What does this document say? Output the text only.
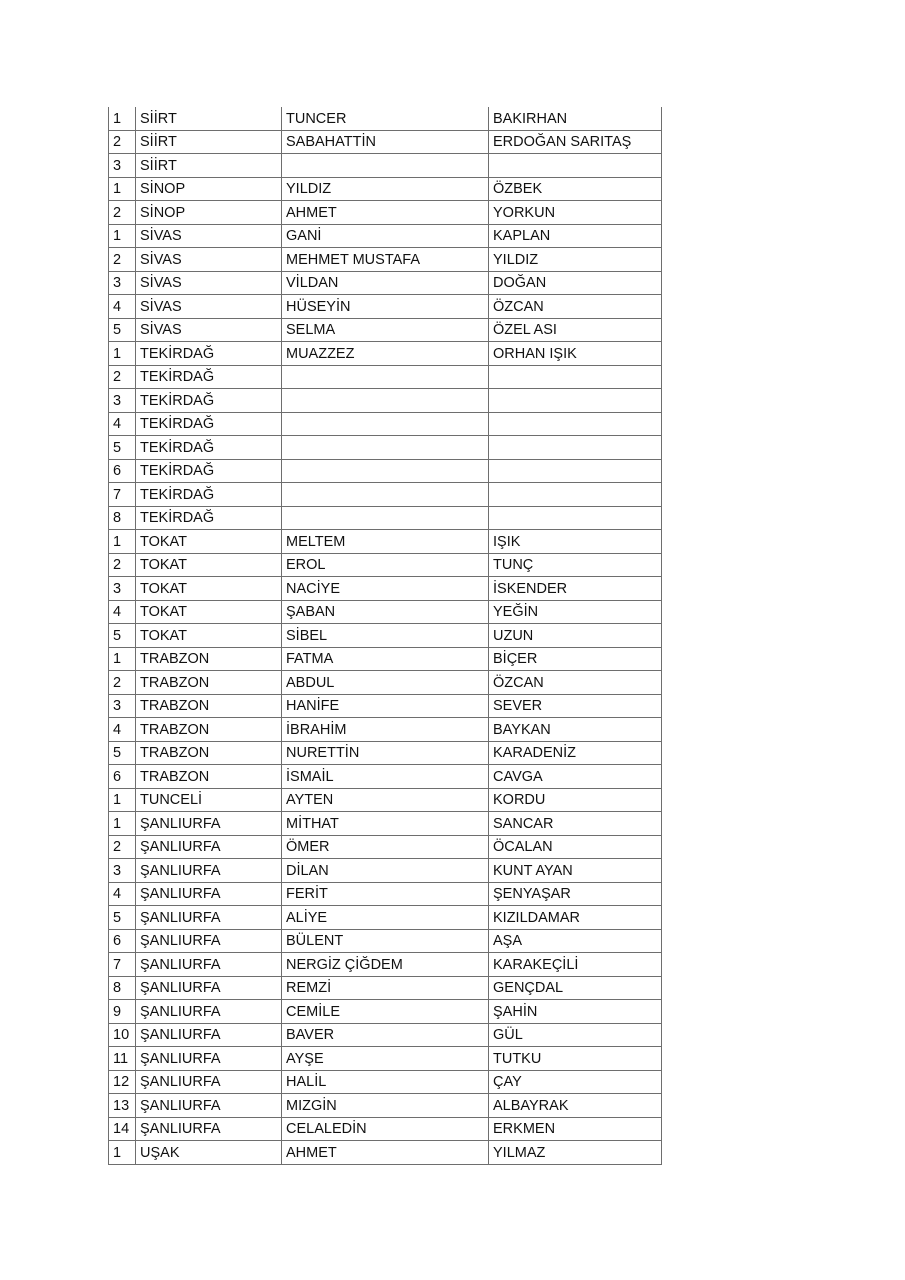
1	SİİRT	TUNCER	BAKIRHAN
2	SİİRT	SABAHATTİN	ERDOĞAN SARITAŞ
3	SİİRT		
1	SİNOP	YILDIZ	ÖZBEK
2	SİNOP	AHMET	YORKUN
1	SİVAS	GANİ	KAPLAN
2	SİVAS	MEHMET MUSTAFA	YILDIZ
3	SİVAS	VİLDAN	DOĞAN
4	SİVAS	HÜSEYİN	ÖZCAN
5	SİVAS	SELMA	ÖZEL ASI
1	TEKİRDAĞ	MUAZZEZ	ORHAN IŞIK
2	TEKİRDAĞ		
3	TEKİRDAĞ		
4	TEKİRDAĞ		
5	TEKİRDAĞ		
6	TEKİRDAĞ		
7	TEKİRDAĞ		
8	TEKİRDAĞ		
1	TOKAT	MELTEM	IŞIK
2	TOKAT	EROL	TUNÇ
3	TOKAT	NACİYE	İSKENDER
4	TOKAT	ŞABAN	YEĞİN
5	TOKAT	SİBEL	UZUN
1	TRABZON	FATMA	BİÇER
2	TRABZON	ABDUL	ÖZCAN
3	TRABZON	HANİFE	SEVER
4	TRABZON	İBRAHİM	BAYKAN
5	TRABZON	NURETTİN	KARADENİZ
6	TRABZON	İSMAİL	CAVGA
1	TUNCELİ	AYTEN	KORDU
1	ŞANLIURFA	MİTHAT	SANCAR
2	ŞANLIURFA	ÖMER	ÖCALAN
3	ŞANLIURFA	DİLAN	KUNT AYAN
4	ŞANLIURFA	FERİT	ŞENYAŞAR
5	ŞANLIURFA	ALİYE	KIZILDAMAR
6	ŞANLIURFA	BÜLENT	AŞA
7	ŞANLIURFA	NERGİZ ÇİĞDEM	KARAKEÇİLİ
8	ŞANLIURFA	REMZİ	GENÇDAL
9	ŞANLIURFA	CEMİLE	ŞAHİN
10	ŞANLIURFA	BAVER	GÜL
11	ŞANLIURFA	AYŞE	TUTKU
12	ŞANLIURFA	HALİL	ÇAY
13	ŞANLIURFA	MIZGİN	ALBAYRAK
14	ŞANLIURFA	CELALEDİN	ERKMEN
1	UŞAK	AHMET	YILMAZ
